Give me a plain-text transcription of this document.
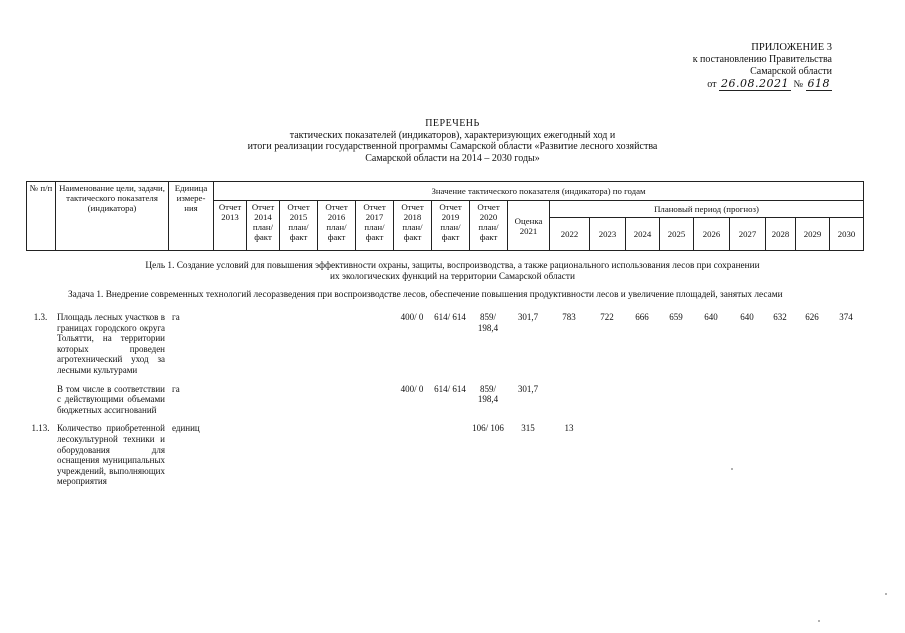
ПРИЛОЖЕНИЕ 3
к постановлению Правительства
Самарской области
от 26.08.2021 № 618
ПЕРЕЧЕНЬ
тактических показателей (индикаторов), характеризующих ежегодный ход и
итоги реализации государственной программы Самарской области «Развитие лесного хозяйства
Самарской области на 2014 – 2030 годы»
№ п/п	Наименование цели, задачи, тактического показателя (индикатора)	Единица измере- ния	Значение тактического показателя (индикатора) по годам																	
			Отчет 2013	Отчет 2014 план/ факт	Отчет 2015 план/ факт	Отчет 2016 план/ факт	Отчет 2017 план/ факт	Отчет 2018 план/ факт	Отчет 2019 план/ факт	Отчет 2020 план/ факт	Оценка 2021	Плановый период (прогноз)								
												2022	2023	2024	2025	2026	2027	2028	2029	2030
Цель 1. Создание условий для повышения эффективности охраны, защиты, воспроизводства, а также рационального использования лесов при сохранении
их экологических функций на территории Самарской области
Задача 1. Внедрение современных технологий лесоразведения при воспроизводстве лесов, обеспечение повышения продуктивности лесов и увеличение площадей, занятых лесами
1.3.	Площадь лесных участков в границах городского округа Тольятти, на территории которых проведен агротехнический уход за лесными культурами	га						400/ 0	614/ 614	859/ 198,4	301,7	783	722	666	659	640	640	632	626	374

	В том числе в соответствии с действующими объемами бюджетных ассигнований	га						400/ 0	614/ 614	859/ 198,4	301,7									

1.13.	Количество приобретенной лесокультурной техники и оборудования для оснащения муниципальных учреждений, выполняющих мероприятия	единиц								106/ 106	315	13								
